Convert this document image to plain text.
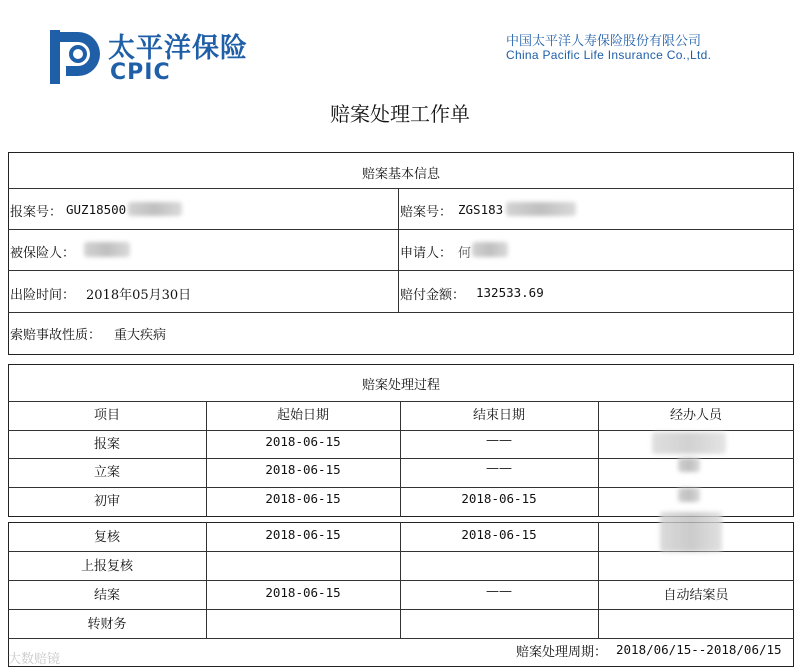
太平洋保险
CPIC
中国太平洋人寿保险股份有限公司
China Pacific Life Insurance Co.,Ltd.
赔案处理工作单
赔案基本信息
报案号： GUZ18500	赔案号： ZGS183
被保险人：	申请人： 何
出险时间： 2018年05月30日	赔付金额： 132533.69
索赔事故性质： 重大疾病
赔案处理过程
项目	起始日期	结束日期	经办人员
报案	2018-06-15	——
立案	2018-06-15	——
初审	2018-06-15	2018-06-15
复核	2018-06-15	2018-06-15
上报复核
结案	2018-06-15	——	自动结案员
转财务
赔案处理周期： 2018/06/15--2018/06/15
大数赔镜
